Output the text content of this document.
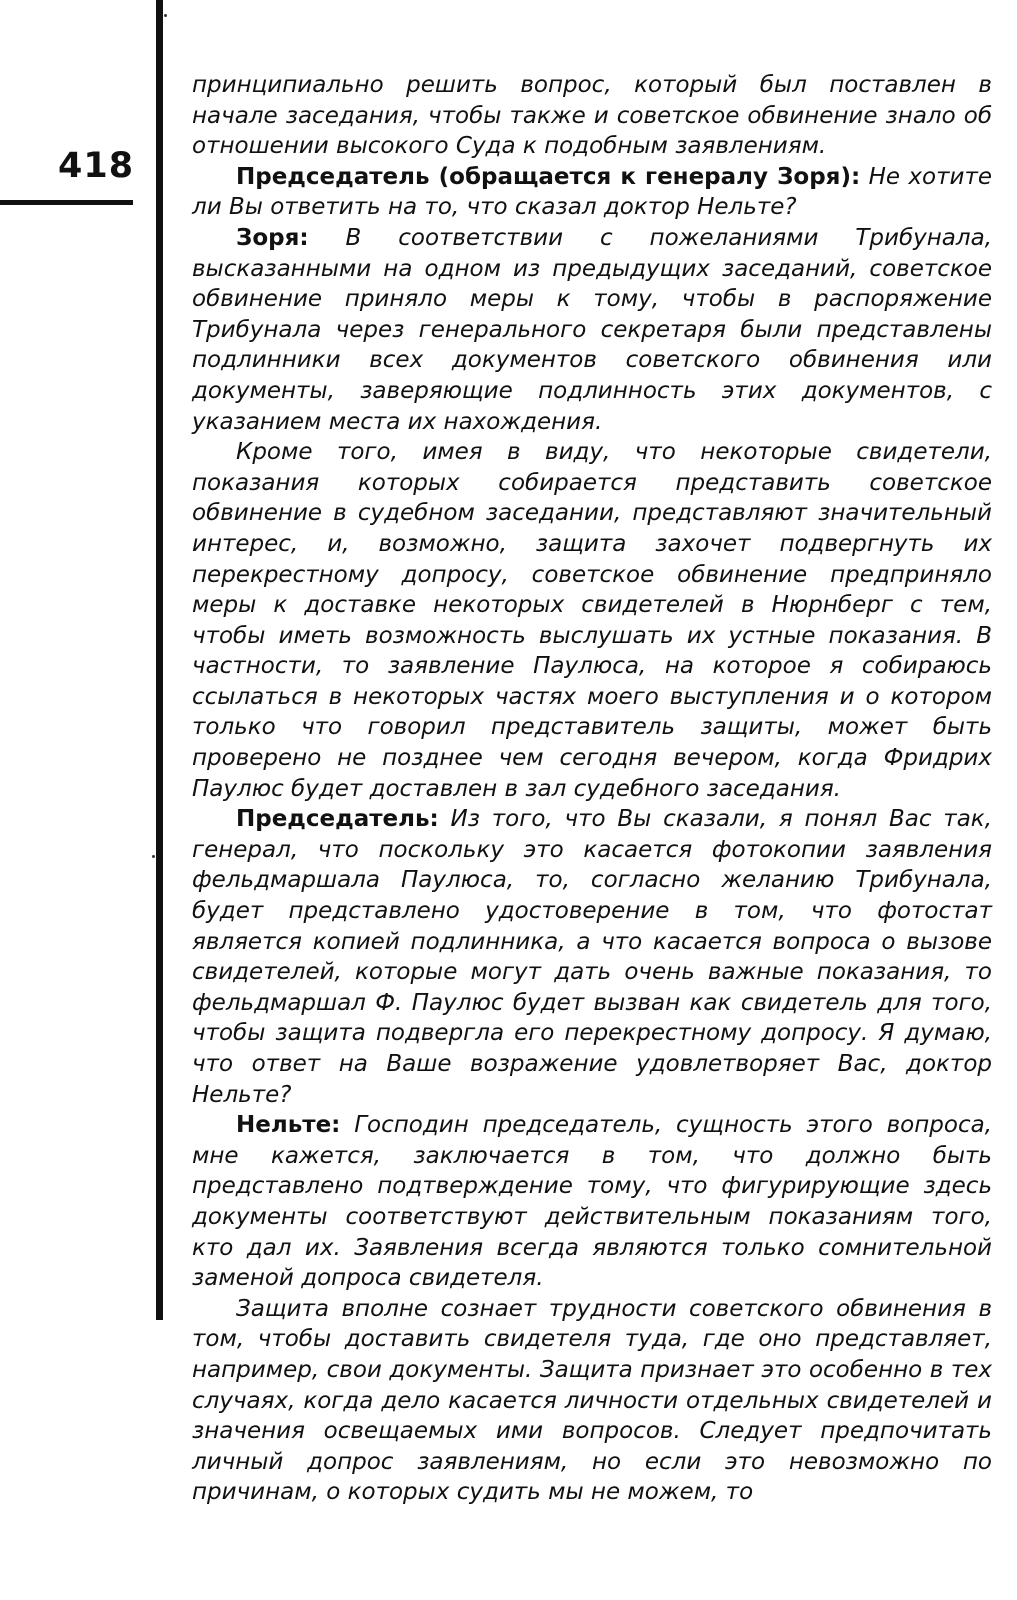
418

принципиально решить вопрос, который был поставлен в начале заседания, чтобы также и советское обвинение знало об отношении высокого Суда к подобным заявлениям.

Председатель (обращается к генералу Зоря): Не хотите ли Вы ответить на то, что сказал доктор Нельте?

Зоря: В соответствии с пожеланиями Трибунала, высказанными на одном из предыдущих заседаний, советское обвинение приняло меры к тому, чтобы в распоряжение Трибунала через генерального секретаря были представлены подлинники всех документов советского обвинения или документы, заверяющие подлинность этих документов, с указанием места их нахождения.

Кроме того, имея в виду, что некоторые свидетели, показания которых собирается представить советское обвинение в судебном заседании, представляют значительный интерес, и, возможно, защита захочет подвергнуть их перекрестному допросу, советское обвинение предприняло меры к доставке некоторых свидетелей в Нюрнберг с тем, чтобы иметь возможность выслушать их устные показания. В частности, то заявление Паулюса, на которое я собираюсь ссылаться в некоторых частях моего выступления и о котором только что говорил представитель защиты, может быть проверено не позднее чем сегодня вечером, когда Фридрих Паулюс будет доставлен в зал судебного заседания.

Председатель: Из того, что Вы сказали, я понял Вас так, генерал, что поскольку это касается фотокопии заявления фельдмаршала Паулюса, то, согласно желанию Трибунала, будет представлено удостоверение в том, что фотостат является копией подлинника, а что касается вопроса о вызове свидетелей, которые могут дать очень важные показания, то фельдмаршал Ф. Паулюс будет вызван как свидетель для того, чтобы защита подвергла его перекрестному допросу. Я думаю, что ответ на Ваше возражение удовлетворяет Вас, доктор Нельте?

Нельте: Господин председатель, сущность этого вопроса, мне кажется, заключается в том, что должно быть представлено подтверждение тому, что фигурирующие здесь документы соответствуют действительным показаниям того, кто дал их. Заявления всегда являются только сомнительной заменой допроса свидетеля.

Защита вполне сознает трудности советского обвинения в том, чтобы доставить свидетеля туда, где оно представляет, например, свои документы. Защита признает это особенно в тех случаях, когда дело касается личности отдельных свидетелей и значения освещаемых ими вопросов. Следует предпочитать личный допрос заявлениям, но если это невозможно по причинам, о которых судить мы не можем, то
